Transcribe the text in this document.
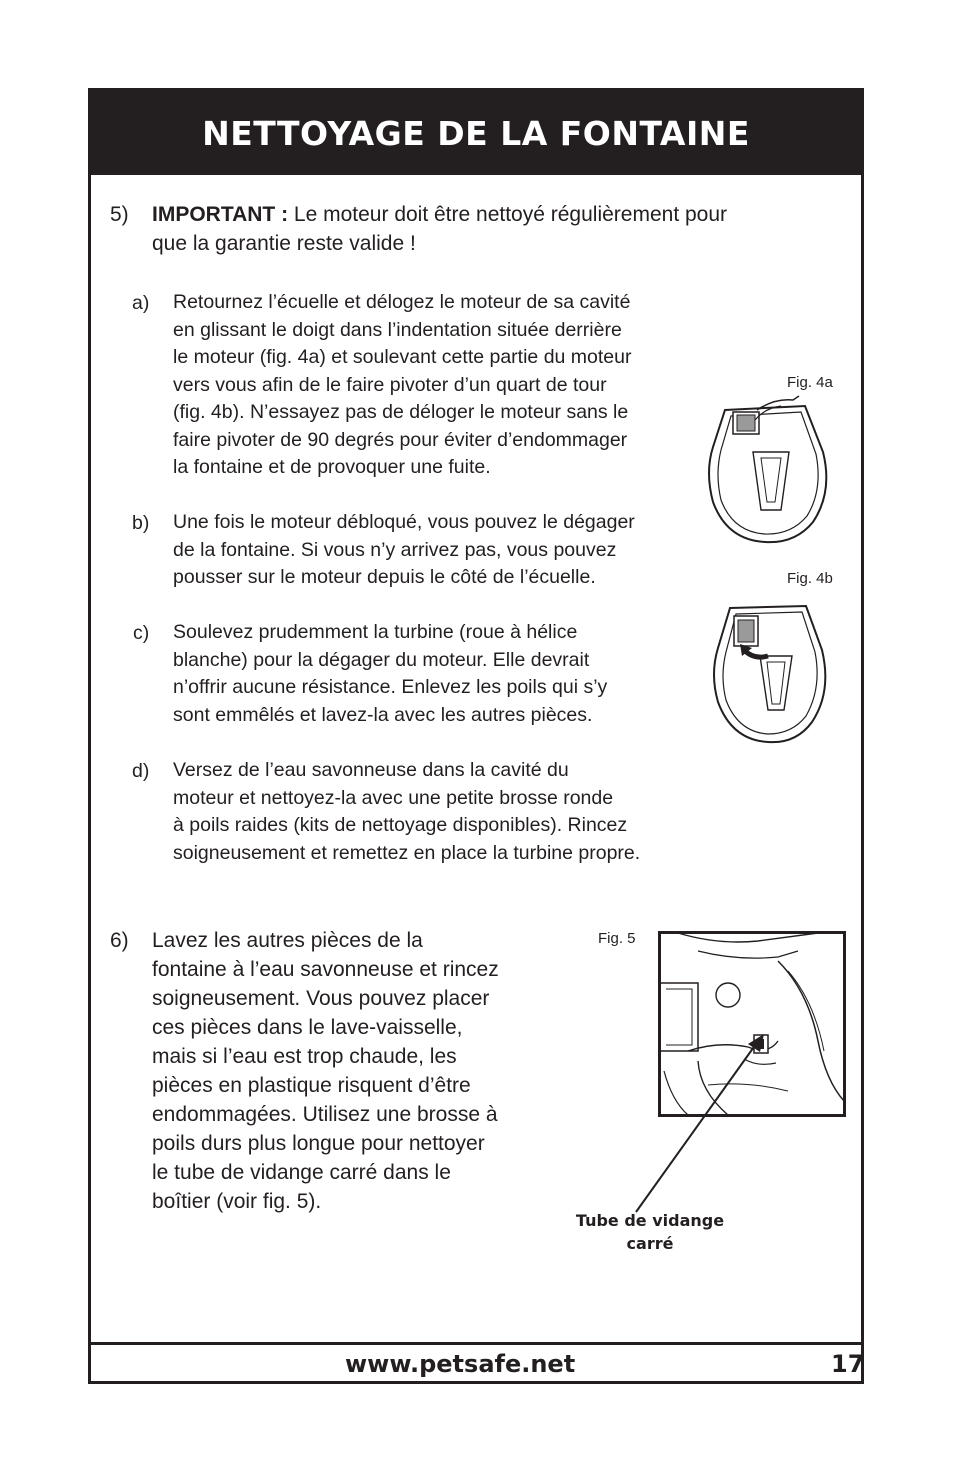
NETTOYAGE DE LA FONTAINE
www.petsafe.net	17
5) IMPORTANT : Le moteur doit être nettoyé régulièrement pour
que la garantie reste valide !
a) Retournez l’écuelle et délogez le moteur de sa cavité
en glissant le doigt dans l’indentation située derrière
le moteur (fig. 4a) et soulevant cette partie du moteur
vers vous afin de le faire pivoter d’un quart de tour
(fig. 4b). N’essayez pas de déloger le moteur sans le
faire pivoter de 90 degrés pour éviter d’endommager
la fontaine et de provoquer une fuite.
b) Une fois le moteur débloqué, vous pouvez le dégager
de la fontaine. Si vous n’y arrivez pas, vous pouvez
pousser sur le moteur depuis le côté de l’écuelle.
c) Soulevez prudemment la turbine (roue à hélice
blanche) pour la dégager du moteur. Elle devrait
n’offrir aucune résistance. Enlevez les poils qui s’y
sont emmêlés et lavez-la avec les autres pièces.
d) Versez de l’eau savonneuse dans la cavité du
moteur et nettoyez-la avec une petite brosse ronde
à poils raides (kits de nettoyage disponibles). Rincez
soigneusement et remettez en place la turbine propre.
6) Lavez les autres pièces de la
fontaine à l’eau savonneuse et rincez
soigneusement. Vous pouvez placer
ces pièces dans le lave-vaisselle,
mais si l’eau est trop chaude, les
pièces en plastique risquent d’être
endommagées. Utilisez une brosse à
poils durs plus longue pour nettoyer
le tube de vidange carré dans le
boîtier (voir fig. 5).
Fig. 4a
Fig. 4b
Fig. 5
Tube de vidange
carré
